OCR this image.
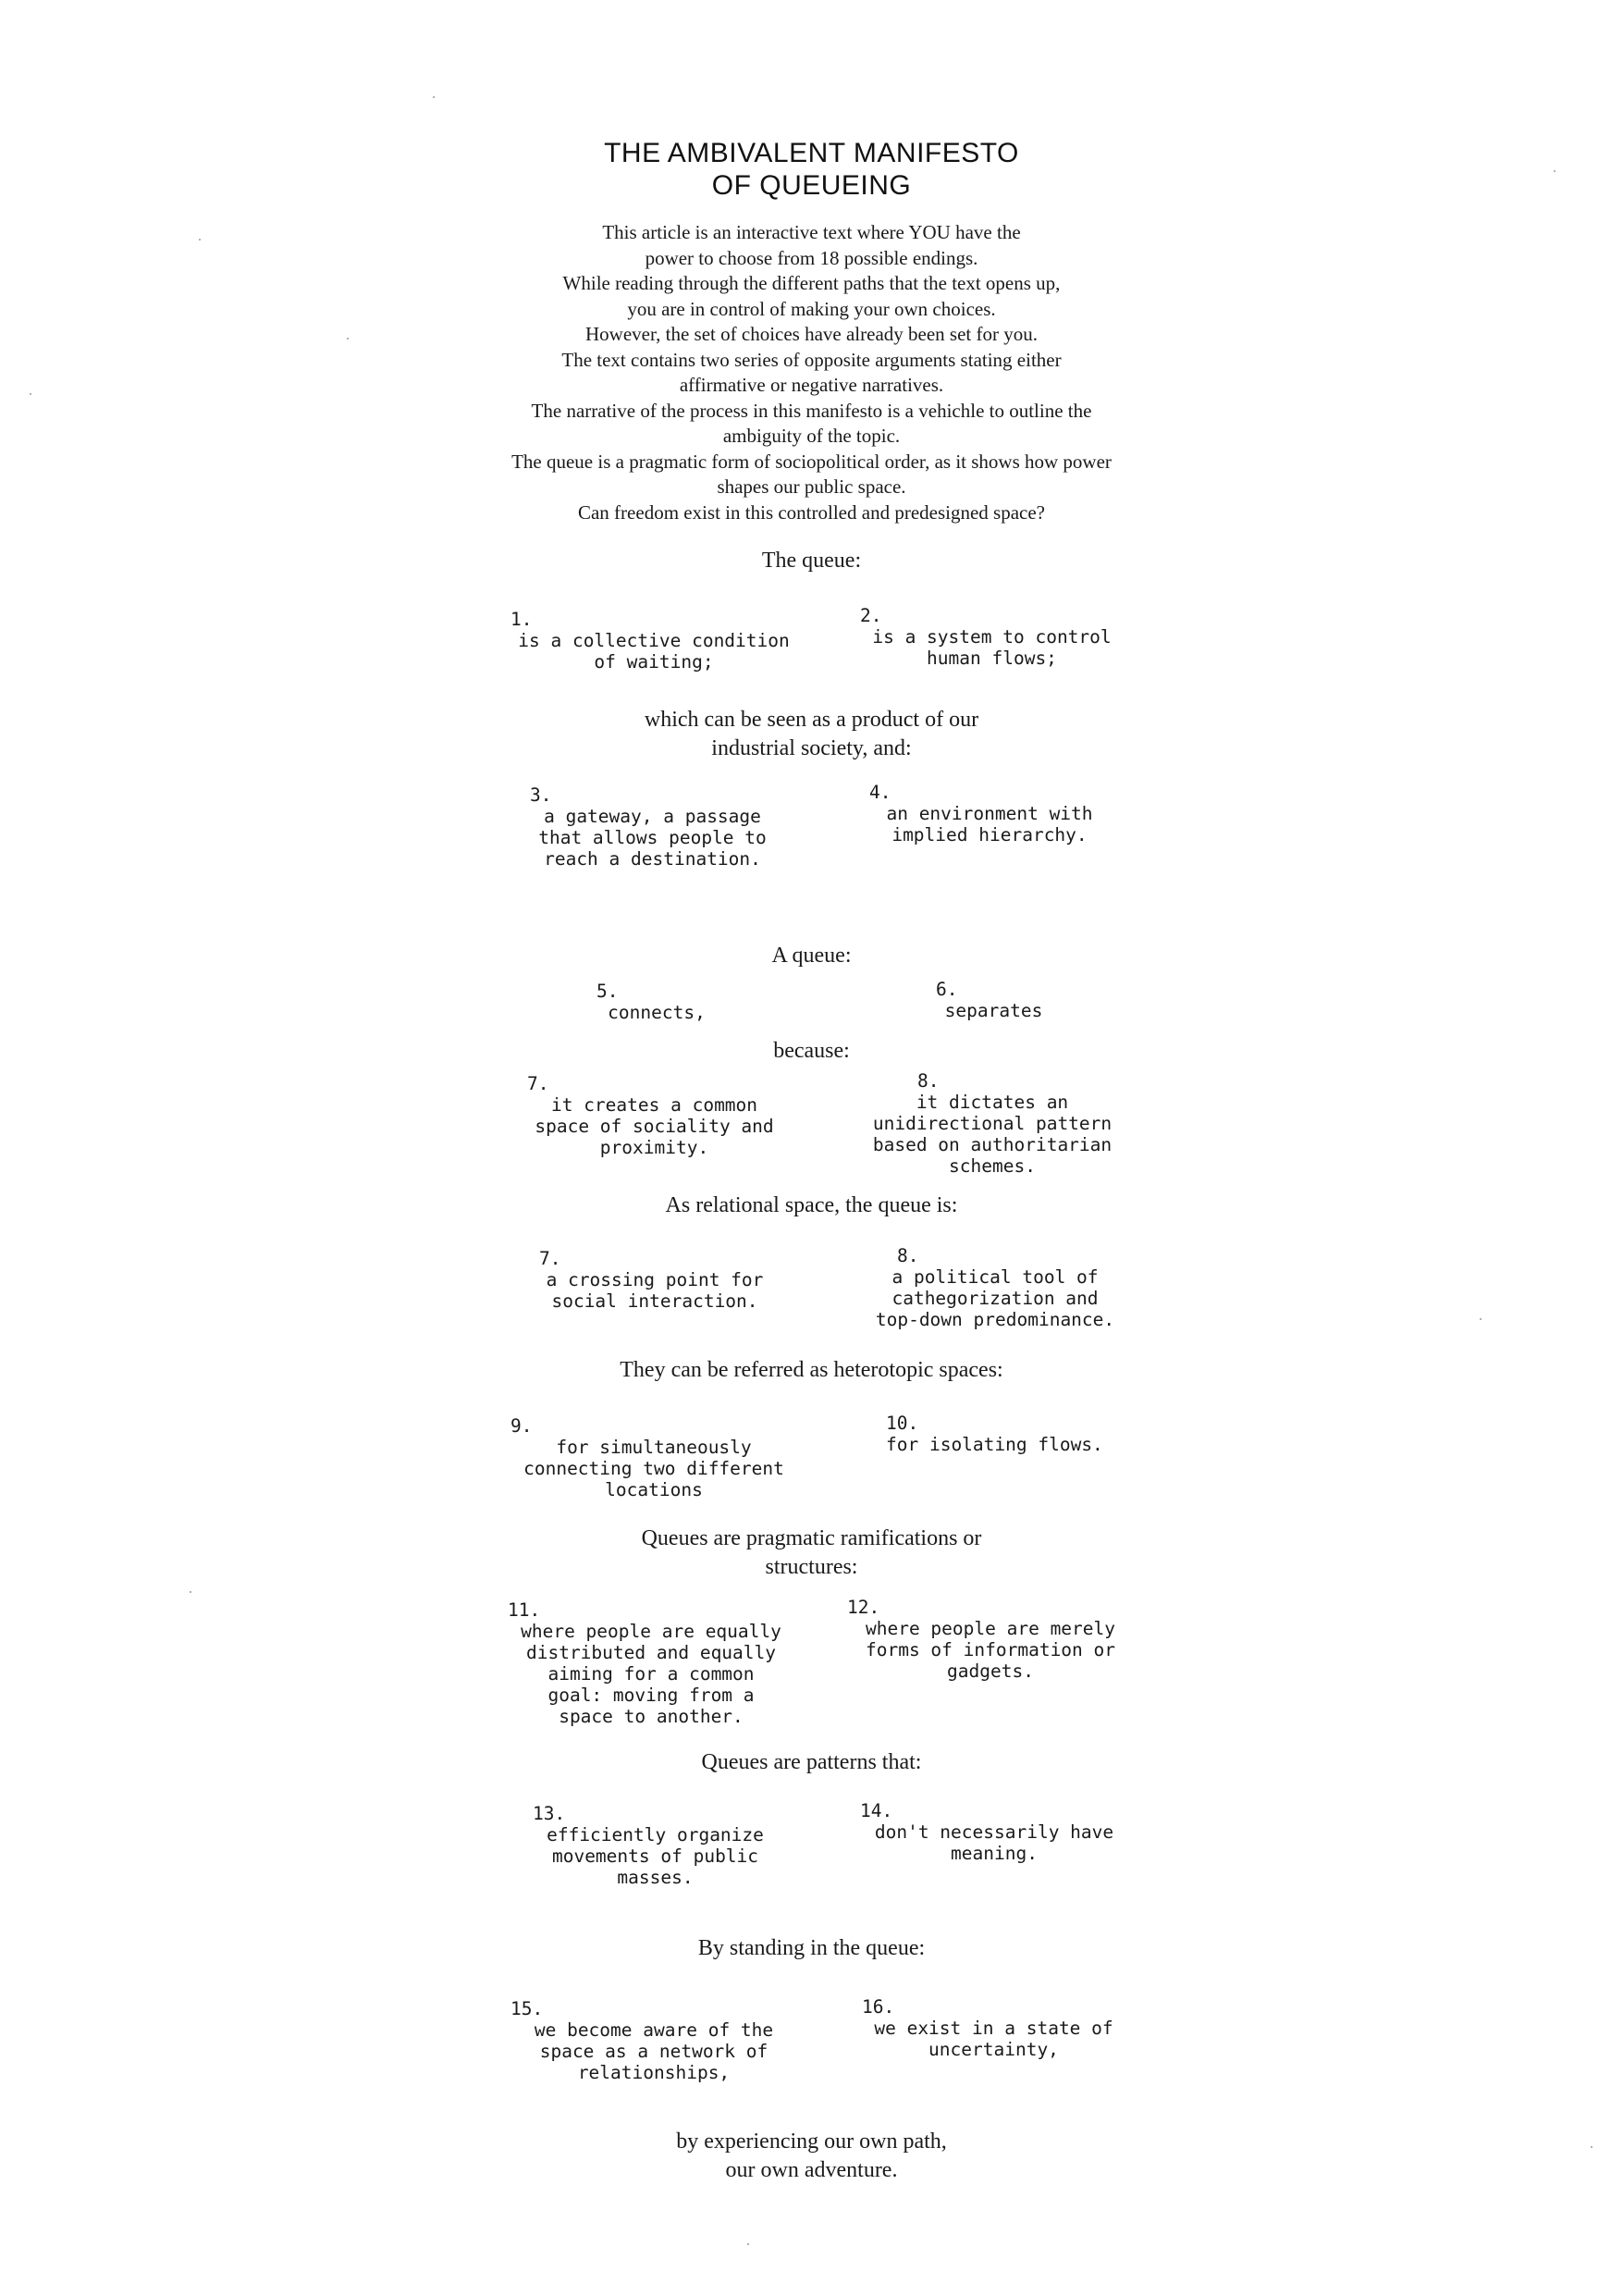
THE AMBIVALENT MANIFESTO
OF QUEUEING
This article is an interactive text where YOU have the
power to choose from 18 possible endings.
While reading through the different paths that the text opens up,
you are in control of making your own choices.
However, the set of choices have already been set for you.
The text contains two series of opposite arguments stating either
affirmative or negative narratives.
The narrative of the process in this manifesto is a vehichle to outline the
ambiguity of the topic.
The queue is a pragmatic form of sociopolitical order, as it shows how power
shapes our public space.
Can freedom exist in this controlled and predesigned space?
The queue:
which can be seen as a product of our
industrial society, and:
A queue:
because:
As relational space, the queue is:
They can be referred as heterotopic spaces:
Queues are pragmatic ramifications or
structures:
Queues are patterns that:
By standing in the queue:
by experiencing our own path,
our own adventure.
1.
is a collective condition
of waiting;
2.
is a system to control
human flows;
3.
a gateway, a passage
that allows people to
reach a destination.
4.
an environment with
implied hierarchy.
5.
connects,
6.
separates
7.
it creates a common
space of sociality and
proximity.
8.
it dictates an
unidirectional pattern
based on authoritarian
schemes.
7.
a crossing point for
social interaction.
8.
a political tool of
cathegorization and
top-down predominance.
9.
for simultaneously
connecting two different
locations
10.
for isolating flows.
11.
where people are equally
distributed and equally
aiming for a common
goal: moving from a
space to another.
12.
where people are merely
forms of information or
gadgets.
13.
efficiently organize
movements of public
masses.
14.
don't necessarily have
meaning.
15.
we become aware of the
space as a network of
relationships,
16.
we exist in a state of
uncertainty,
